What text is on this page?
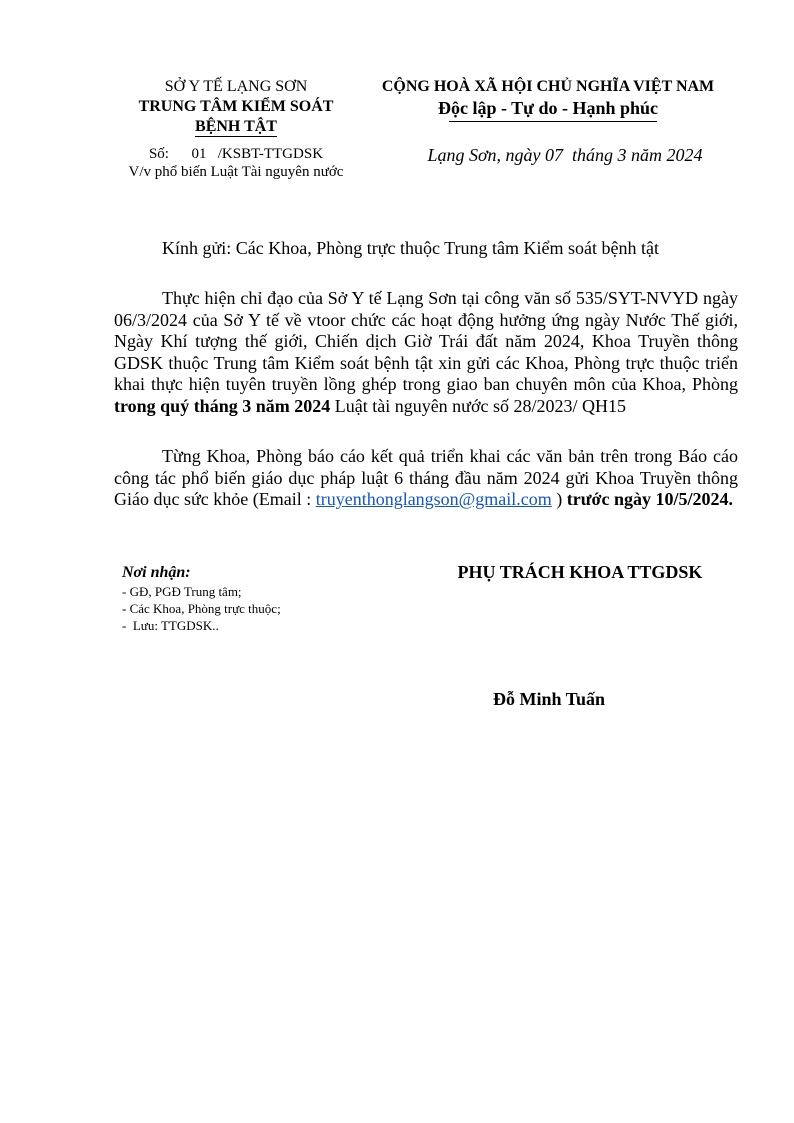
SỞ Y TẾ LẠNG SƠN
TRUNG TÂM KIỂM SOÁT
BỆNH TẬT
Số:      01   /KSBT-TTGDSK
V/v phổ biến Luật Tài nguyên nước
CỘNG HOÀ XÃ HỘI CHỦ NGHĨA VIỆT NAM
Độc lập - Tự do - Hạnh phúc
Lạng Sơn, ngày 07  tháng 3 năm 2024
Kính gửi: Các Khoa, Phòng trực thuộc Trung tâm Kiểm soát bệnh tật

Thực hiện chỉ đạo của Sở Y tế Lạng Sơn tại công văn số 535/SYT-NVYD ngày 06/3/2024 của Sở Y tế về vtoor chức các hoạt động hưởng ứng ngày Nước Thế giới, Ngày Khí tượng thế giới, Chiến dịch Giờ Trái đất năm 2024, Khoa Truyền thông GDSK thuộc Trung tâm Kiểm soát bệnh tật xin gửi các Khoa, Phòng trực thuộc triển khai thực hiện tuyên truyền lồng ghép trong giao ban chuyên môn của Khoa, Phòng trong quý tháng 3 năm 2024 Luật tài nguyên nước số 28/2023/ QH15

Từng Khoa, Phòng báo cáo kết quả triển khai các văn bản trên trong Báo cáo công tác phổ biến giáo dục pháp luật 6 tháng đầu năm 2024 gửi Khoa Truyền thông Giáo dục sức khỏe (Email : truyenthonglangson@gmail.com ) trước ngày 10/5/2024.

Nơi nhận:
- GĐ, PGĐ Trung tâm;
- Các Khoa, Phòng trực thuộc;
-  Lưu: TTGDSK..
PHỤ TRÁCH KHOA TTGDSK
Đỗ Minh Tuấn
